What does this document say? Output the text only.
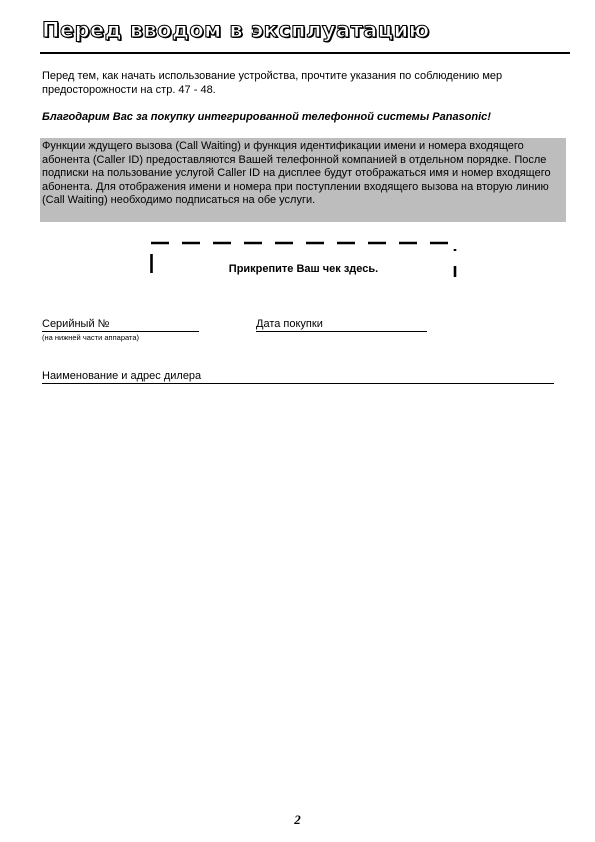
Перед вводом в эксплуатацию

Перед тем, как начать использование устройства, прочтите указания по соблюдению мер предосторожности на стр. 47 - 48.

Благодарим Вас за покупку интегрированной телефонной системы Panasonic!

Функции ждущего вызова (Call Waiting) и функция идентификации имени и номера входящего абонента (Caller ID) предоставляются Вашей телефонной компанией в отдельном порядке. После подписки на пользование услугой Caller ID на дисплее будут отображаться имя и номер входящего абонента. Для отображения имени и номера при поступлении входящего вызова на вторую линию (Call Waiting) необходимо подписаться на обе услуги.

Прикрепите Ваш чек здесь.

Серийный №
(на нижней части аппарата)
Дата покупки
Наименование и адрес дилера
2
